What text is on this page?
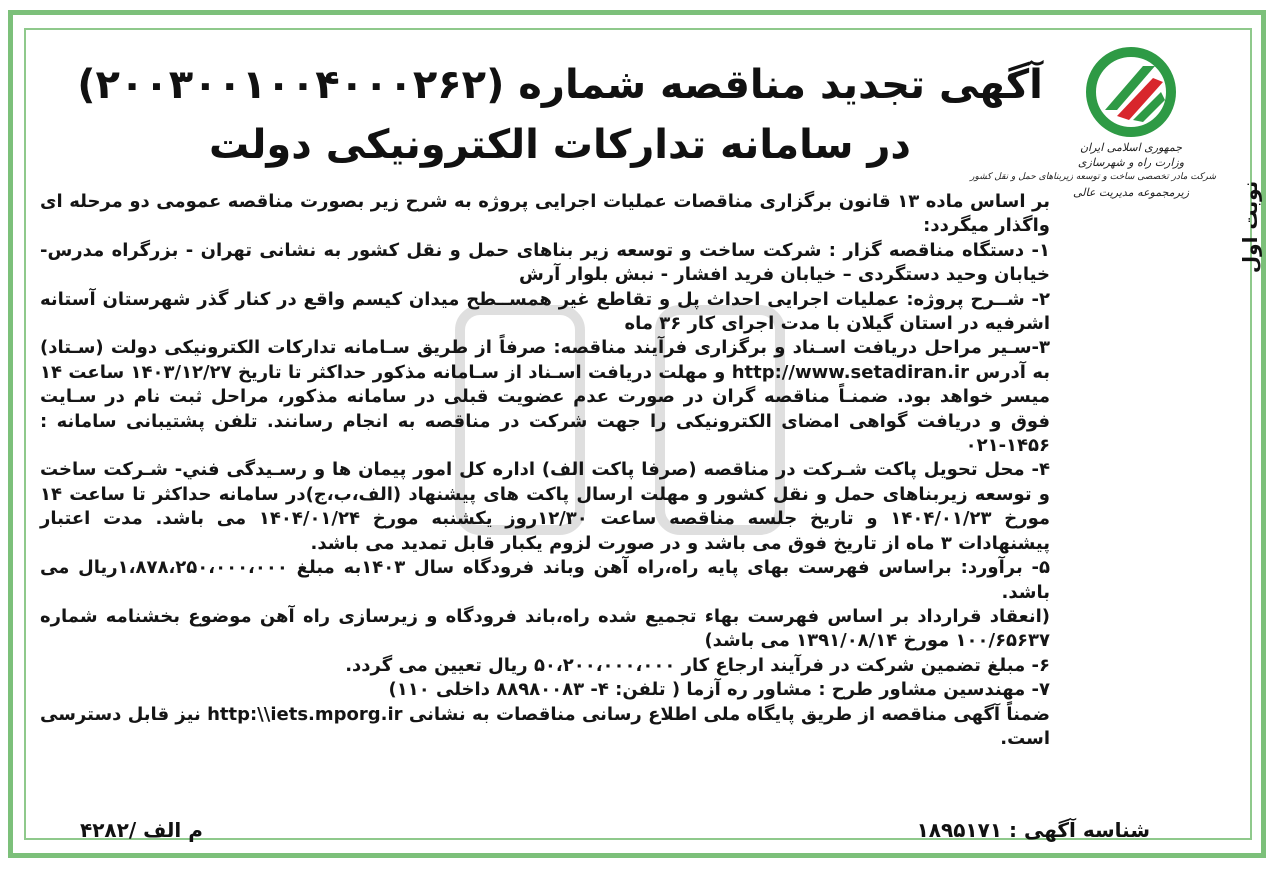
جمهوری اسلامی ایران
وزارت راه و شهرسازی
شرکت مادر تخصصی ساخت و توسعه زیربناهای حمل و نقل کشور
زیرمجموعه مدیریت عالی	نوبت اول
آگهی تجدید مناقصه شماره (۲۰۰۳۰۰۱۰۰۴۰۰۰۲۶۲)
در سامانه تدارکات الکترونیکی دولت

بر اساس ماده ۱۳ قانون برگزاری مناقصات عملیات اجرایی پروژه به شرح زیر بصورت مناقصه عمومی دو مرحله ای واگذار میگردد:

۱- دستگاه مناقصه گزار : شرکت ساخت و توسعه زیر بناهای حمل و نقل کشور به نشانی تهران - بزرگراه مدرس- خیابان وحید دستگردی – خیابان فرید افشار - نبش بلوار آرش

۲- شــرح پروژه: عملیات اجرایی احداث پل و تقاطع غیر همســطح میدان کیسم واقع در کنار گذر شهرستان آستانه اشرفیه در استان گیلان با مدت اجرای کار ۳۶ ماه

۳-سـیر مراحل دریافت اسـناد و برگزاری فرآیند مناقصه: صرفاً از طریق سـامانه تدارکات الکترونیکی دولت (سـتاد) به آدرس http://www.setadiran.ir و مهلت دریافت اسـناد از سـامانه مذکور حداکثر تا تاریخ ۱۴۰۳/۱۲/۲۷ ساعت ۱۴ میسر خواهد بود. ضمنـاً مناقصه گران در صورت عدم عضویت قبلی در سامانه مذکور، مراحل ثبت نام در سـایت فوق و دریافت گواهی امضای الکترونیکی را جهت شرکت در مناقصه به انجام رسانند. تلفن پشتیبانی سامانه : ۱۴۵۶-۰۲۱

۴- محل تحویل پاکت شـرکت در مناقصه (صرفا پاکت الف) اداره کل امور پیمان ها و رسـیدگی فني- شـرکت ساخت و توسعه زیربناهای حمل و نقل کشور و مهلت ارسال پاکت های پیشنهاد (الف،ب،ج)در سامانه حداکثر تا ساعت ۱۴ مورخ ۱۴۰۴/۰۱/۲۳ و تاریخ جلسه مناقصه ساعت ۱۲/۳۰روز یکشنبه مورخ ۱۴۰۴/۰۱/۲۴ می باشد. مدت اعتبار پیشنهادات ۳ ماه از تاریخ فوق می باشد و در صورت لزوم یکبار قابل تمدید می باشد.

۵- برآورد: براساس فهرست بهای پایه راه،راه آهن وباند فرودگاه سال ۱۴۰۳به مبلغ ۱،۸۷۸،۲۵۰،۰۰۰،۰۰۰ریال می باشد.

(انعقاد قرارداد بر اساس فهرست بهاء تجمیع شده راه،باند فرودگاه و زیرسازی راه آهن موضوع بخشنامه شماره ۱۰۰/۶۵۶۳۷ مورخ ۱۳۹۱/۰۸/۱۴ می باشد)

۶- مبلغ تضمین شرکت در فرآیند ارجاع کار ۵۰،۲۰۰،۰۰۰،۰۰۰ ریال تعیین می گردد.

۷- مهندسین مشاور طرح : مشاور ره آزما ( تلفن: ۴- ۸۸۹۸۰۰۸۳ داخلی ۱۱۰)

ضمناً آگهی مناقصه از طریق پایگاه ملی اطلاع رسانی مناقصات به نشانی http:\\iets.mporg.ir نیز قابل دسترسی است.

شناسه آگهی : ۱۸۹۵۱۷۱
م الف /۴۲۸۲
